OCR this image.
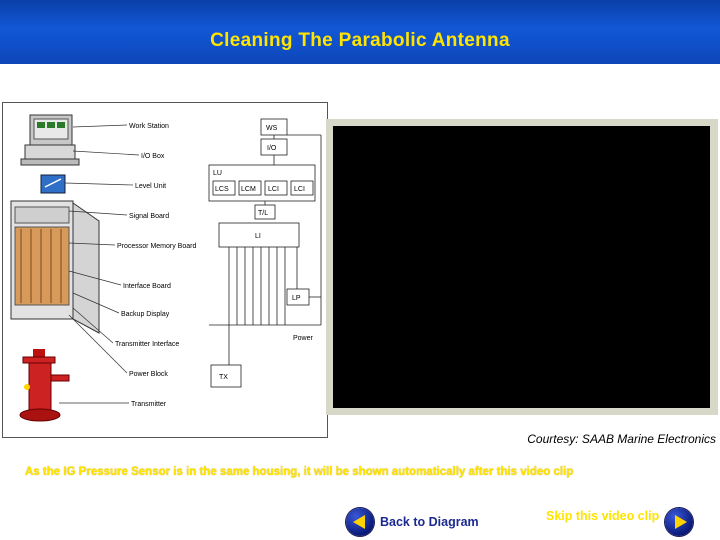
Cleaning The Parabolic Antenna
Work Station
I/O Box
Level Unit
Signal Board
Processor Memory Board
Interface Board
Backup Display
Transmitter Interface
Power Block
Transmitter
WS
I/O
LU
LCS LCM LCI LCI
T/L
LI
LP
Power
TX
Courtesy: SAAB Marine Electronics
As the IG Pressure Sensor is in the same housing, it will be shown automatically after this video clip
Back to Diagram	Skip this video clip
